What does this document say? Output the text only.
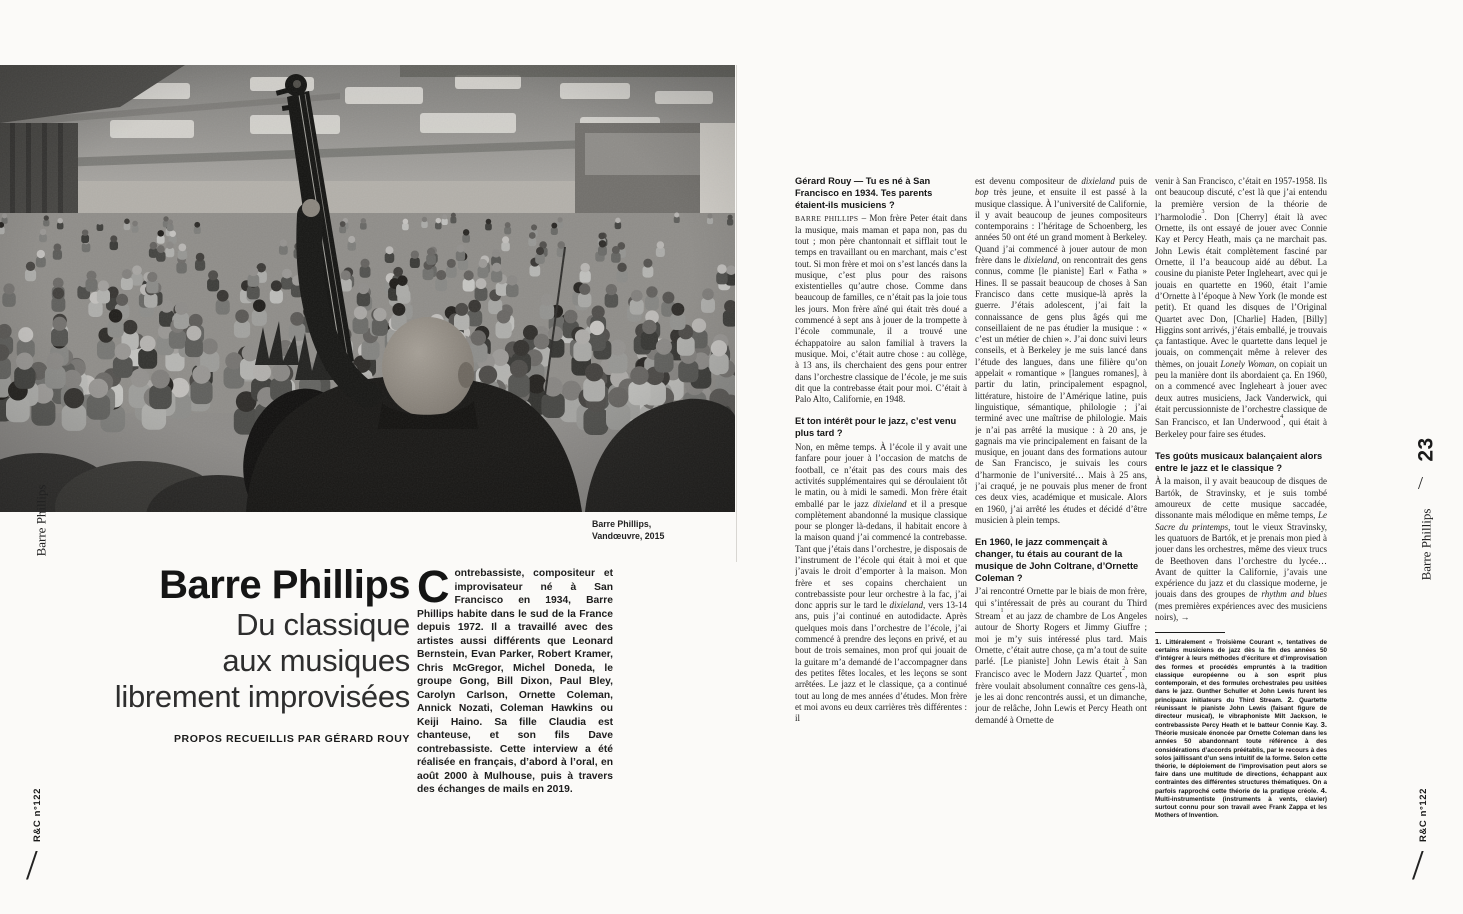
Barre Phillips,
Vandœuvre, 2015
Barre Phillips
Du classique
aux musiques
librement improvisées
PROPOS RECUEILLIS PAR GÉRARD ROUY
Contrebassiste, compositeur et improvisateur né à San Francisco en 1934, Barre Phillips habite dans le sud de la France depuis 1972. Il a travaillé avec des artistes aussi différents que Leonard Bernstein, Evan Parker, Robert Kramer, Chris McGregor, Michel Doneda, le groupe Gong, Bill Dixon, Paul Bley, Carolyn Carlson, Ornette Coleman, Annick Nozati, Coleman Hawkins ou Keiji Haino. Sa fille Claudia est chanteuse, et son fils Dave contrebassiste. Cette interview a été réalisée en français, d’abord à l’oral, en août 2000 à Mulhouse, puis à travers des échanges de mails en 2019.
Gérard Rouy — Tu es né à San Francisco en 1934. Tes parents étaient-ils musiciens ?
BARRE PHILLIPS – Mon frère Peter était dans la musique, mais maman et papa non, pas du tout ; mon père chantonnait et sifflait tout le temps en travaillant ou en marchant, mais c’est tout. Si mon frère et moi on s’est lancés dans la musique, c’est plus pour des raisons existentielles qu’autre chose. Comme dans beaucoup de familles, ce n’était pas la joie tous les jours. Mon frère aîné qui était très doué a commencé à sept ans à jouer de la trompette à l’école communale, il a trouvé une échappatoire au salon familial à travers la musique. Moi, c’était autre chose : au collège, à 13 ans, ils cherchaient des gens pour entrer dans l’orchestre classique de l’école, je me suis dit que la contrebasse était pour moi. C’était à Palo Alto, Californie, en 1948.
Et ton intérêt pour le jazz, c’est venu plus tard ?
Non, en même temps. À l’école il y avait une fanfare pour jouer à l’occasion de matchs de football, ce n’était pas des cours mais des activités supplémentaires qui se déroulaient tôt le matin, ou à midi le samedi. Mon frère était emballé par le jazz dixieland et il a presque complètement abandonné la musique classique pour se plonger là-dedans, il habitait encore à la maison quand j’ai commencé la contrebasse. Tant que j’étais dans l’orchestre, je disposais de l’instrument de l’école qui était à moi et que j’avais le droit d’emporter à la maison. Mon frère et ses copains cherchaient un contrebassiste pour leur orchestre à la fac, j’ai donc appris sur le tard le dixieland, vers 13-14 ans, puis j’ai continué en autodidacte. Après quelques mois dans l’orchestre de l’école, j’ai commencé à prendre des leçons en privé, et au bout de trois semaines, mon prof qui jouait de la guitare m’a demandé de l’accompagner dans des petites fêtes locales, et les leçons se sont arrêtées. Le jazz et le classique, ça a continué tout au long de mes années d’études. Mon frère et moi avons eu deux carrières très différentes : il
est devenu compositeur de dixieland puis de bop très jeune, et ensuite il est passé à la musique classique. À l’université de Californie, il y avait beaucoup de jeunes compositeurs contemporains : l’héritage de Schoenberg, les années 50 ont été un grand moment à Berkeley. Quand j’ai commencé à jouer autour de mon frère dans le dixieland, on rencontrait des gens connus, comme [le pianiste] Earl « Fatha » Hines. Il se passait beaucoup de choses à San Francisco dans cette musique-là après la guerre. J’étais adolescent, j’ai fait la connaissance de gens plus âgés qui me conseillaient de ne pas étudier la musique : « c’est un métier de chien ». J’ai donc suivi leurs conseils, et à Berkeley je me suis lancé dans l’étude des langues, dans une filière qu’on appelait « romantique » [langues romanes], à partir du latin, principalement espagnol, littérature, histoire de l’Amérique latine, puis linguistique, sémantique, philologie ; j’ai terminé avec une maîtrise de philologie. Mais je n’ai pas arrêté la musique : à 20 ans, je gagnais ma vie principalement en faisant de la musique, en jouant dans des formations autour de San Francisco, je suivais les cours d’harmonie de l’université… Mais à 25 ans, j’ai craqué, je ne pouvais plus mener de front ces deux vies, académique et musicale. Alors en 1960, j’ai arrêté les études et décidé d’être musicien à plein temps.
En 1960, le jazz commençait à changer, tu étais au courant de la musique de John Coltrane, d’Ornette Coleman ?
J’ai rencontré Ornette par le biais de mon frère, qui s’intéressait de près au courant du Third Stream$^1$ et au jazz de chambre de Los Angeles autour de Shorty Rogers et Jimmy Giuffre ; moi je m’y suis intéressé plus tard. Mais Ornette, c’était autre chose, ça m’a tout de suite parlé. [Le pianiste] John Lewis était à San Francisco avec le Modern Jazz Quartet$^2$, mon frère voulait absolument connaître ces gens-là, je les ai donc rencontrés aussi, et un dimanche, jour de relâche, John Lewis et Percy Heath ont demandé à Ornette de
venir à San Francisco, c’était en 1957-1958. Ils ont beaucoup discuté, c’est là que j’ai entendu la première version de la théorie de l’harmolodie$^3$. Don [Cherry] était là avec Ornette, ils ont essayé de jouer avec Connie Kay et Percy Heath, mais ça ne marchait pas. John Lewis était complètement fasciné par Ornette, il l’a beaucoup aidé au début. La cousine du pianiste Peter Ingleheart, avec qui je jouais en quartette en 1960, était l’amie d’Ornette à l’époque à New York (le monde est petit). Et quand les disques de l’Original Quartet avec Don, [Charlie] Haden, [Billy] Higgins sont arrivés, j’étais emballé, je trouvais ça fantastique. Avec le quartette dans lequel je jouais, on commençait même à relever des thèmes, on jouait Lonely Woman, on copiait un peu la manière dont ils abordaient ça. En 1960, on a commencé avec Ingleheart à jouer avec deux autres musiciens, Jack Vanderwick, qui était percussionniste de l’orchestre classique de San Francisco, et Ian Underwood$^4$, qui était à Berkeley pour faire ses études.
Tes goûts musicaux balançaient alors entre le jazz et le classique ?
À la maison, il y avait beaucoup de disques de Bartók, de Stravinsky, et je suis tombé amoureux de cette musique saccadée, dissonante mais mélodique en même temps, Le Sacre du printemps, tout le vieux Stravinsky, les quatuors de Bartók, et je prenais mon pied à jouer dans les orchestres, même des vieux trucs de Beethoven dans l’orchestre du lycée… Avant de quitter la Californie, j’avais une expérience du jazz et du classique moderne, je jouais dans des groupes de rhythm and blues (mes premières expériences avec des musiciens noirs), →
1. Littéralement « Troisième Courant », tentatives de certains musiciens de jazz dès la fin des années 50 d’intégrer à leurs méthodes d’écriture et d’improvisation des formes et procédés empruntés à la tradition classique européenne ou à son esprit plus contemporain, et des formules orchestrales peu usitées dans le jazz. Gunther Schuller et John Lewis furent les principaux initiateurs du Third Stream. 2. Quartette réunissant le pianiste John Lewis (faisant figure de directeur musical), le vibraphoniste Milt Jackson, le contrebassiste Percy Heath et le batteur Connie Kay. 3. Théorie musicale énoncée par Ornette Coleman dans les années 50 abandonnant toute référence à des considérations d’accords préétablis, par le recours à des solos jaillissant d’un sens intuitif de la forme. Selon cette théorie, le déploiement de l’improvisation peut alors se faire dans une multitude de directions, échappant aux contraintes des différentes structures thématiques. On a parfois rapproché cette théorie de la pratique créole. 4. Multi-instrumentiste (instruments à vents, clavier) surtout connu pour son travail avec Frank Zappa et les Mothers of Invention.
Barre Phillips	Barre Phillips
/
23
R&C n°122
/
R&C n°122
/
